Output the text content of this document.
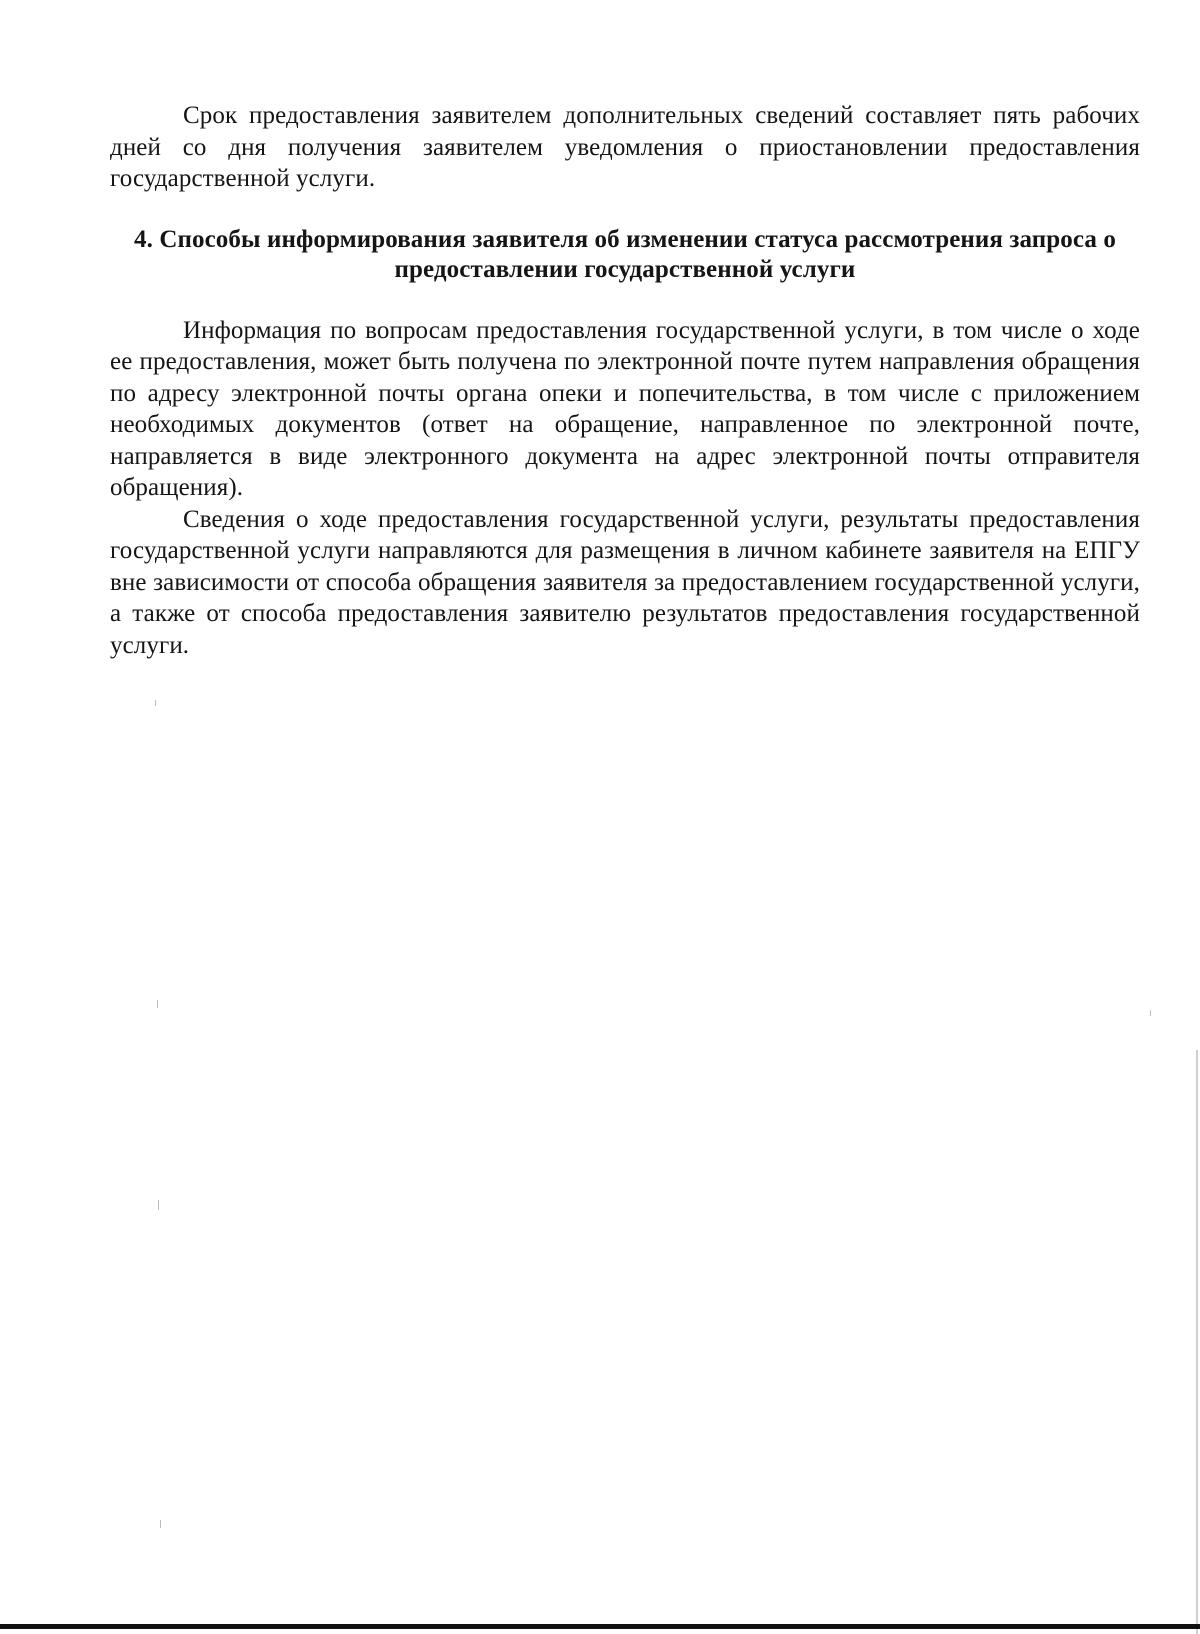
Срок предоставления заявителем дополнительных сведений составляет пять рабочих дней со дня получения заявителем уведомления о приостановлении предоставления государственной услуги.

4. Способы информирования заявителя об изменении статуса рассмотрения запроса о предоставлении государственной услуги

Информация по вопросам предоставления государственной услуги, в том числе о ходе ее предоставления, может быть получена по электронной почте путем направления обращения по адресу электронной почты органа опеки и попечительства, в том числе с приложением необходимых документов (ответ на обращение, направленное по электронной почте, направляется в виде электронного документа на адрес электронной почты отправителя обращения).

Сведения о ходе предоставления государственной услуги, результаты предоставления государственной услуги направляются для размещения в личном кабинете заявителя на ЕПГУ вне зависимости от способа обращения заявителя за предоставлением государственной услуги, а также от способа предоставления заявителю результатов предоставления государственной услуги.
